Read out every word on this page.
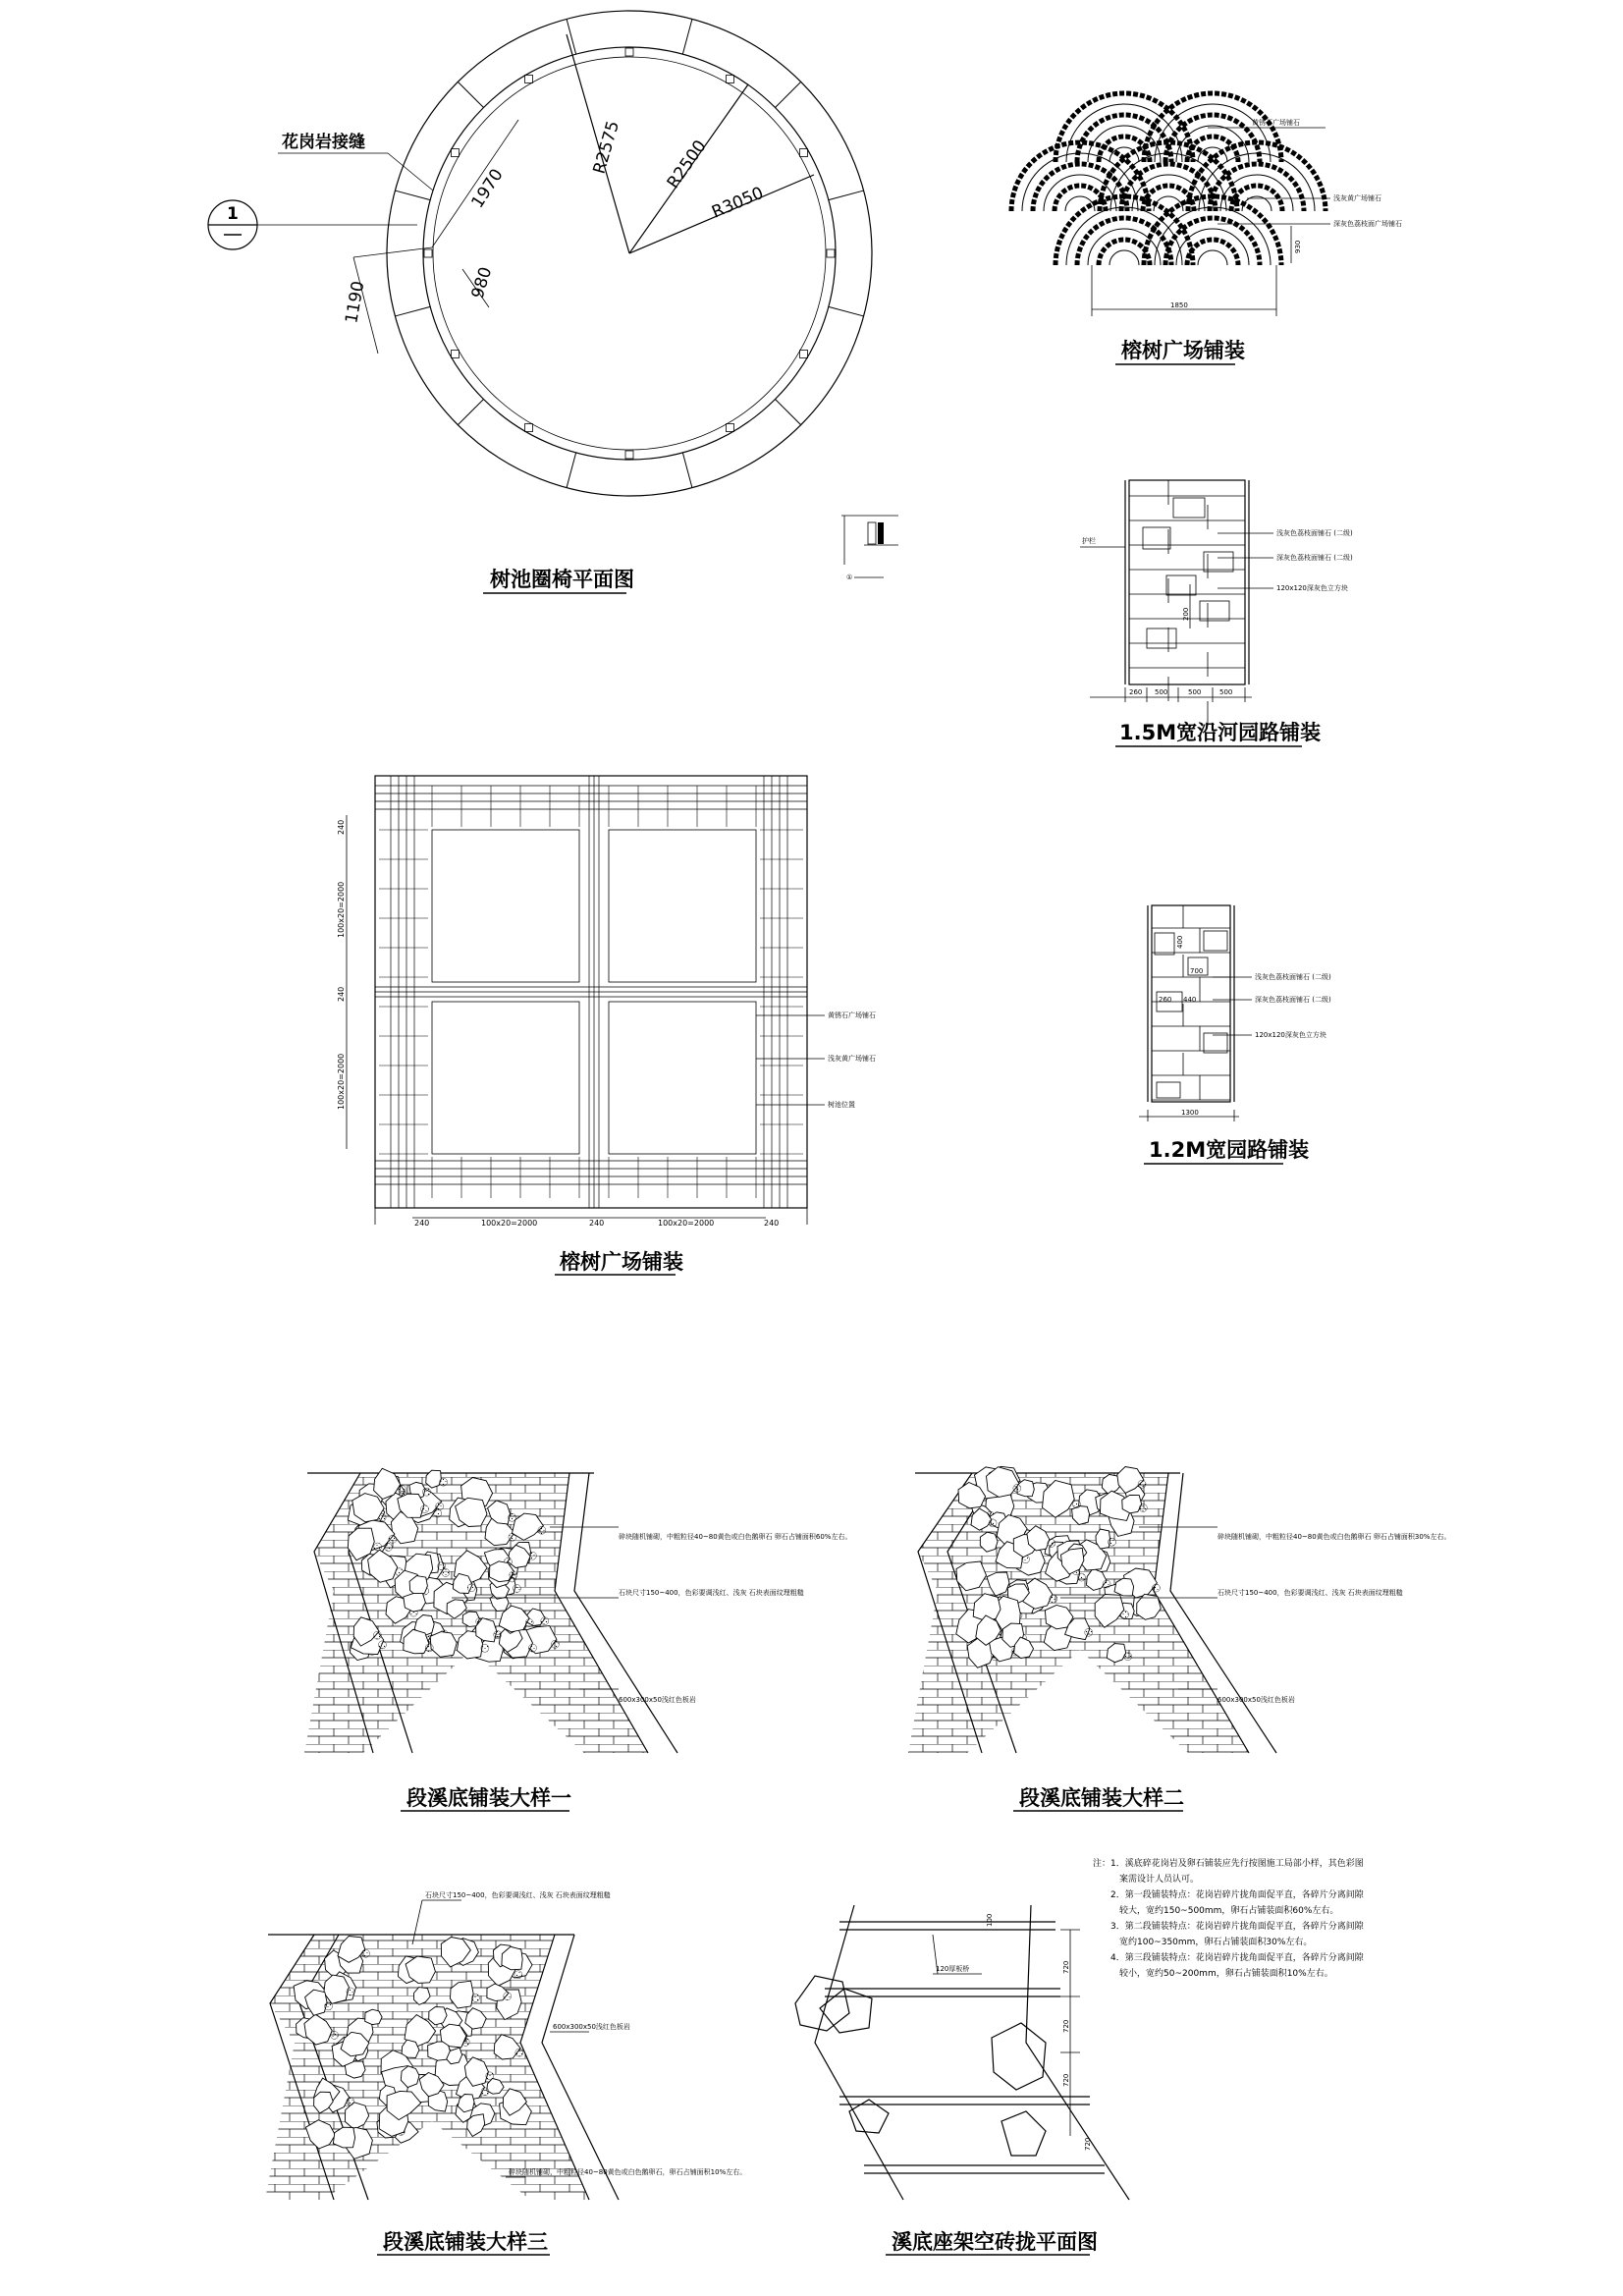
R2575 R2500
R3050
1970
980
1190
花岗岩接缝
1
树池圈椅平面图	①
黄锈石广场铺石
浅灰黄广场铺石
深灰色荔枝面广场铺石
1850
930
榕树广场铺装
护栏
浅灰色荔枝面铺石 (二级)
深灰色荔枝面铺石 (二级)
120x120深灰色立方块
200
260 500	500	500
1.5M宽沿河园路铺装
黄锈石广场铺石
浅灰黄广场铺石
树池位置
240	100x20=2000	240	100x20=2000	240
240
100x20=2000
240
100x20=2000
榕树广场铺装
浅灰色荔枝面铺石 (二级)
深灰色荔枝面铺石 (二级)
120x120深灰色立方块
400
700
260 440
1300
1.2M宽园路铺装
碎块随机铺砌，中粗粒径40~80黄色或白色鹅卵石 卵石占铺面积60%左右。
石块尺寸150~400，色彩要调浅红、浅灰 石块表面纹理粗糙
600x300x50浅红色板岩
段溪底铺装大样一
碎块随机铺砌，中粗粒径40~80黄色或白色鹅卵石 卵石占铺面积30%左右。
石块尺寸150~400，色彩要调浅红、浅灰 石块表面纹理粗糙
600x300x50浅红色板岩
段溪底铺装大样二
石块尺寸150~400，色彩要调浅红、浅灰 石块表面纹理粗糙
600x300x50浅红色板岩
碎块随机铺砌，中粗粒径40~80黄色或白色鹅卵石，卵石占铺面积10%左右。
段溪底铺装大样三
120厚板桥
100
720
720
720
720
溪底座架空砖拢平面图
注：1．溪底碎花岗岩及卵石铺装应先行按图施工局部小样，其色彩图
　　　案需设计人员认可。
　　2．第一段铺装特点：花岗岩碎片拢角面促平直，各碎片分离间隙
　　　较大，宽约150~500mm，卵石占铺装面积60%左右。
　　3．第二段铺装特点：花岗岩碎片拢角面促平直，各碎片分离间隙
　　　宽约100~350mm，卵石占铺装面积30%左右。
　　4．第三段铺装特点：花岗岩碎片拢角面促平直，各碎片分离间隙
　　　较小，宽约50~200mm，卵石占铺装面积10%左右。
